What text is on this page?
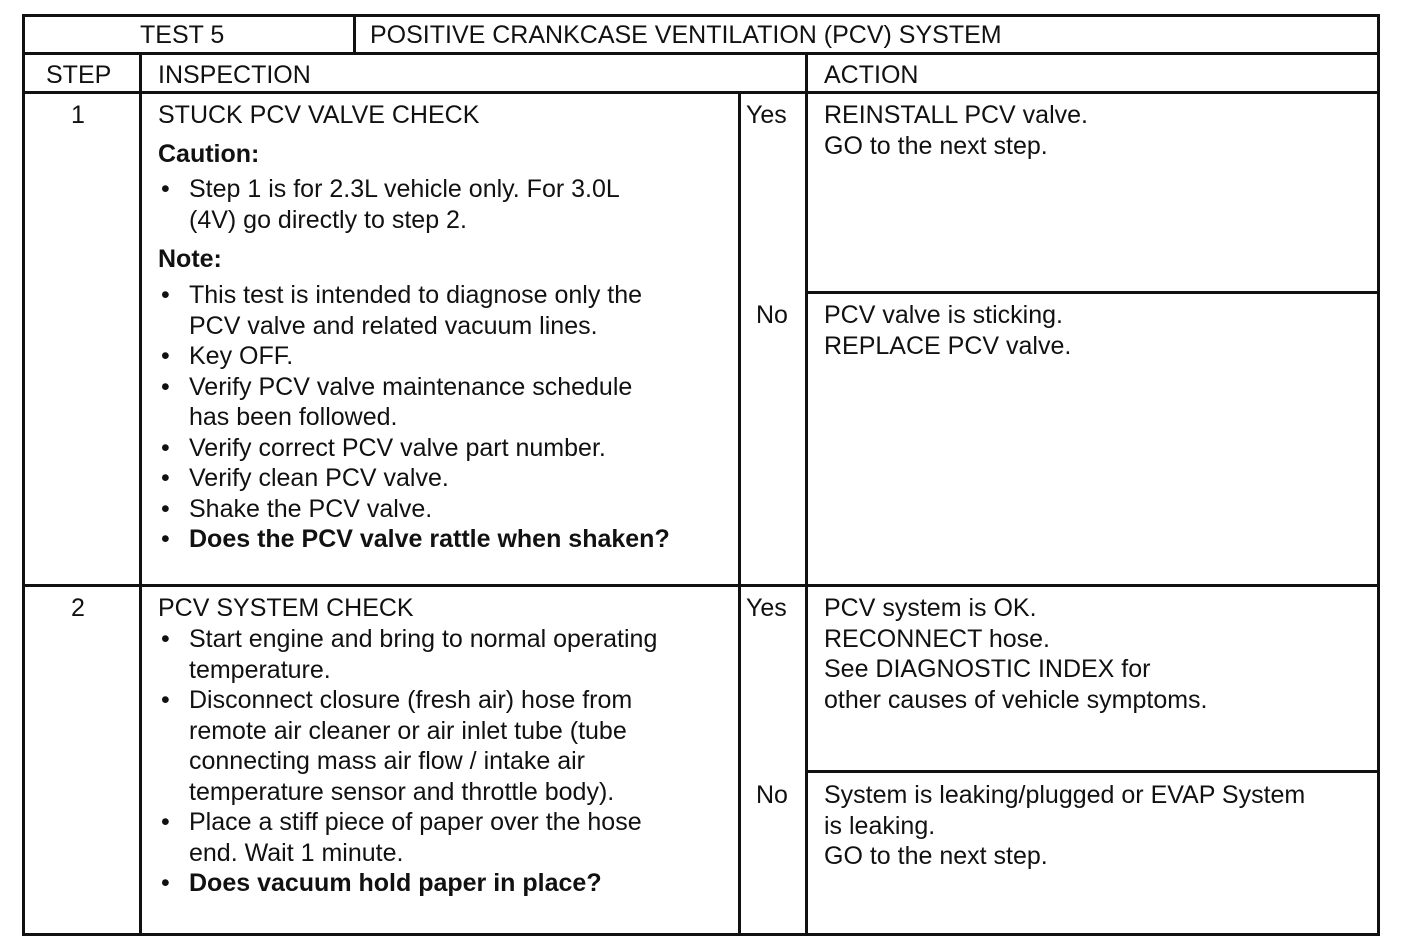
TEST 5	POSITIVE CRANKCASE VENTILATION (PCV) SYSTEM
STEP INSPECTION	ACTION
1	STUCK PCV VALVE CHECK
Caution:
• Step 1 is for 2.3L vehicle only. For 3.0L
(4V) go directly to step 2.
Note:
• This test is intended to diagnose only the
PCV valve and related vacuum lines.
• Key OFF.
• Verify PCV valve maintenance schedule
has been followed.
• Verify correct PCV valve part number.
• Verify clean PCV valve.
• Shake the PCV valve.
• Does the PCV valve rattle when shaken?
Yes REINSTALL PCV valve.
GO to the next step.

No PCV valve is sticking.
REPLACE PCV valve.

2	PCV SYSTEM CHECK
• Start engine and bring to normal operating
temperature.
• Disconnect closure (fresh air) hose from
remote air cleaner or air inlet tube (tube
connecting mass air flow / intake air
temperature sensor and throttle body).
• Place a stiff piece of paper over the hose
end. Wait 1 minute.
• Does vacuum hold paper in place?
Yes PCV system is OK.
RECONNECT hose.
See DIAGNOSTIC INDEX for
other causes of vehicle symptoms.

No System is leaking/plugged or EVAP System
is leaking.
GO to the next step.
